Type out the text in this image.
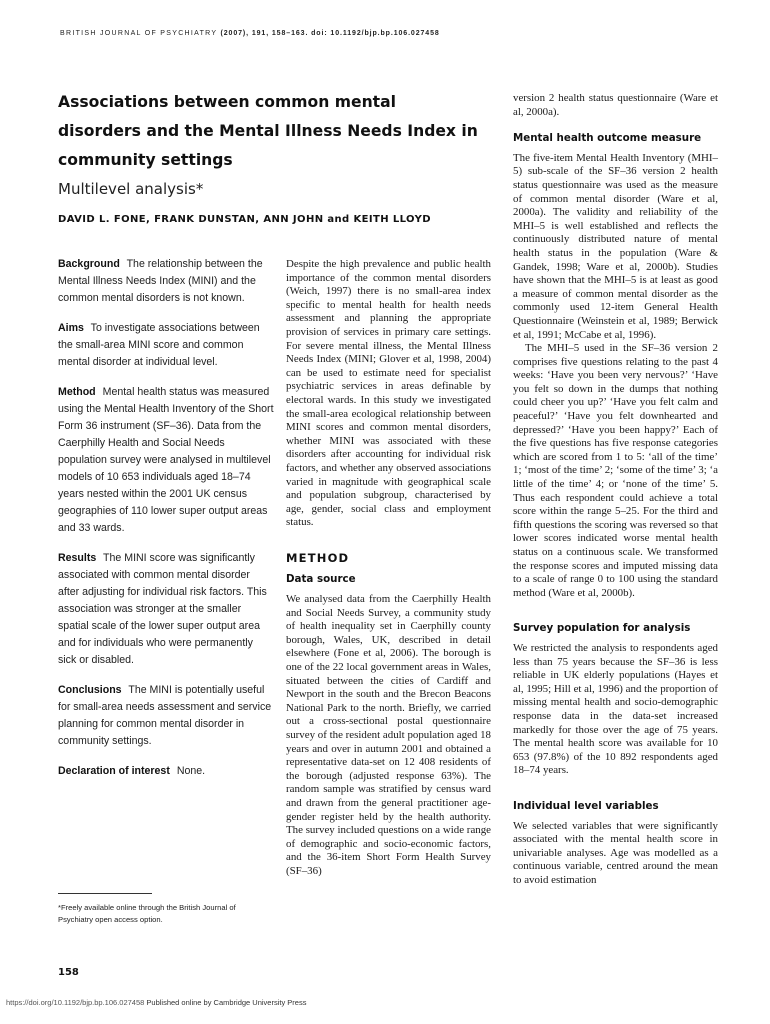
BRITISH JOURNAL OF PSYCHIATRY (2007), 191, 158–163. doi: 10.1192/bjp.bp.106.027458
Associations between common mental disorders and the Mental Illness Needs Index in community settings
Multilevel analysis*
DAVID L. FONE, FRANK DUNSTAN, ANN JOHN and KEITH LLOYD

Background The relationship between the Mental Illness Needs Index (MINI) and the common mental disorders is not known.

Aims To investigate associations between the small-area MINI score and common mental disorder at individual level.

Method Mental health status was measured using the Mental Health Inventory of the Short Form 36 instrument (SF–36). Data from the Caerphilly Health and Social Needs population survey were analysed in multilevel models of 10 653 individuals aged 18–74 years nested within the 2001 UK census geographies of 110 lower super output areas and 33 wards.

Results The MINI score was significantly associated with common mental disorder after adjusting for individual risk factors. This association was stronger at the smaller spatial scale of the lower super output area and for individuals who were permanently sick or disabled.

Conclusions The MINI is potentially useful for small-area needs assessment and service planning for common mental disorder in community settings.

Declaration of interest None.

*Freely available online through the British Journal of Psychiatry open access option.

Despite the high prevalence and public health importance of the common mental disorders (Weich, 1997) there is no small-area index specific to mental health for health needs assessment and planning the appropriate provision of services in primary care settings. For severe mental illness, the Mental Illness Needs Index (MINI; Glover et al, 1998, 2004) can be used to estimate need for specialist psychiatric services in areas definable by electoral wards. In this study we investigated the small-area ecological relationship between MINI scores and common mental disorders, whether MINI was associated with these disorders after accounting for individual risk factors, and whether any observed associations varied in magnitude with geographical scale and population subgroup, characterised by age, gender, social class and employment status.

METHOD
Data source

We analysed data from the Caerphilly Health and Social Needs Survey, a community study of health inequality set in Caerphilly county borough, Wales, UK, described in detail elsewhere (Fone et al, 2006). The borough is one of the 22 local government areas in Wales, situated between the cities of Cardiff and Newport in the south and the Brecon Beacons National Park to the north. Briefly, we carried out a cross-sectional postal questionnaire survey of the resident adult population aged 18 years and over in autumn 2001 and obtained a representative data-set on 12 408 residents of the borough (adjusted response 63%). The random sample was stratified by census ward and drawn from the general practitioner age-gender register held by the health authority. The survey included questions on a wide range of demographic and socio-economic factors, and the 36-item Short Form Health Survey (SF–36)

version 2 health status questionnaire (Ware et al, 2000a).

Mental health outcome measure

The five-item Mental Health Inventory (MHI–5) sub-scale of the SF–36 version 2 health status questionnaire was used as the measure of common mental disorder (Ware et al, 2000a). The validity and reliability of the MHI–5 is well established and reflects the continuously distributed nature of mental health status in the population (Ware & Gandek, 1998; Ware et al, 2000b). Studies have shown that the MHI–5 is at least as good a measure of common mental disorder as the commonly used 12-item General Health Questionnaire (Weinstein et al, 1989; Berwick et al, 1991; McCabe et al, 1996).

The MHI–5 used in the SF–36 version 2 comprises five questions relating to the past 4 weeks: ‘Have you been very nervous?’ ‘Have you felt so down in the dumps that nothing could cheer you up?’ ‘Have you felt calm and peaceful?’ ‘Have you felt downhearted and depressed?’ ‘Have you been happy?’ Each of the five questions has five response categories which are scored from 1 to 5: ‘all of the time’ 1; ‘most of the time’ 2; ‘some of the time’ 3; ‘a little of the time’ 4; or ‘none of the time’ 5. Thus each respondent could achieve a total score within the range 5–25. For the third and fifth questions the scoring was reversed so that lower scores indicated worse mental health status on a continuous scale. We transformed the response scores and imputed missing data to a scale of range 0 to 100 using the standard method (Ware et al, 2000b).

Survey population for analysis

We restricted the analysis to respondents aged less than 75 years because the SF–36 is less reliable in UK elderly populations (Hayes et al, 1995; Hill et al, 1996) and the proportion of missing mental health and socio-demographic response data in the data-set increased markedly for those over the age of 75 years. The mental health score was available for 10 653 (97.8%) of the 10 892 respondents aged 18–74 years.

Individual level variables

We selected variables that were significantly associated with the mental health score in univariable analyses. Age was modelled as a continuous variable, centred around the mean to avoid estimation

158
https://doi.org/10.1192/bjp.bp.106.027458 Published online by Cambridge University Press
